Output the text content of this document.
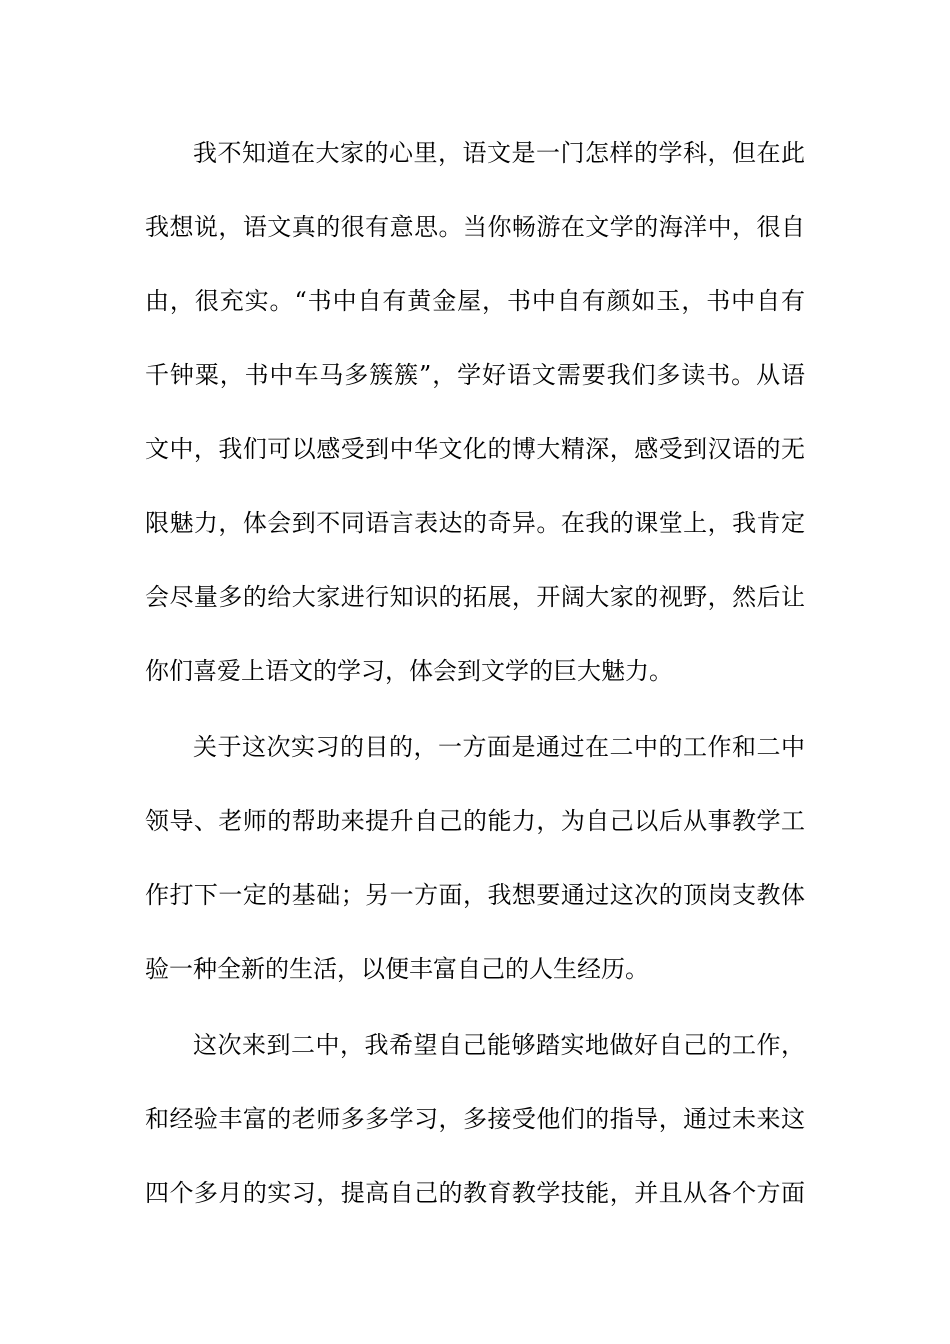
我不知道在大家的心里，语文是一门怎样的学科，但在此
我想说，语文真的很有意思。当你畅游在文学的海洋中，很自
由，很充实。“书中自有黄金屋，书中自有颜如玉，书中自有
千钟粟，书中车马多簇簇”，学好语文需要我们多读书。从语
文中，我们可以感受到中华文化的博大精深，感受到汉语的无
限魅力，体会到不同语言表达的奇异。在我的课堂上，我肯定
会尽量多的给大家进行知识的拓展，开阔大家的视野，然后让
你们喜爱上语文的学习，体会到文学的巨大魅力。
关于这次实习的目的，一方面是通过在二中的工作和二中
领导、老师的帮助来提升自己的能力，为自己以后从事教学工
作打下一定的基础；另一方面，我想要通过这次的顶岗支教体
验一种全新的生活，以便丰富自己的人生经历。
这次来到二中，我希望自己能够踏实地做好自己的工作，
和经验丰富的老师多多学习，多接受他们的指导，通过未来这
四个多月的实习，提高自己的教育教学技能，并且从各个方面
